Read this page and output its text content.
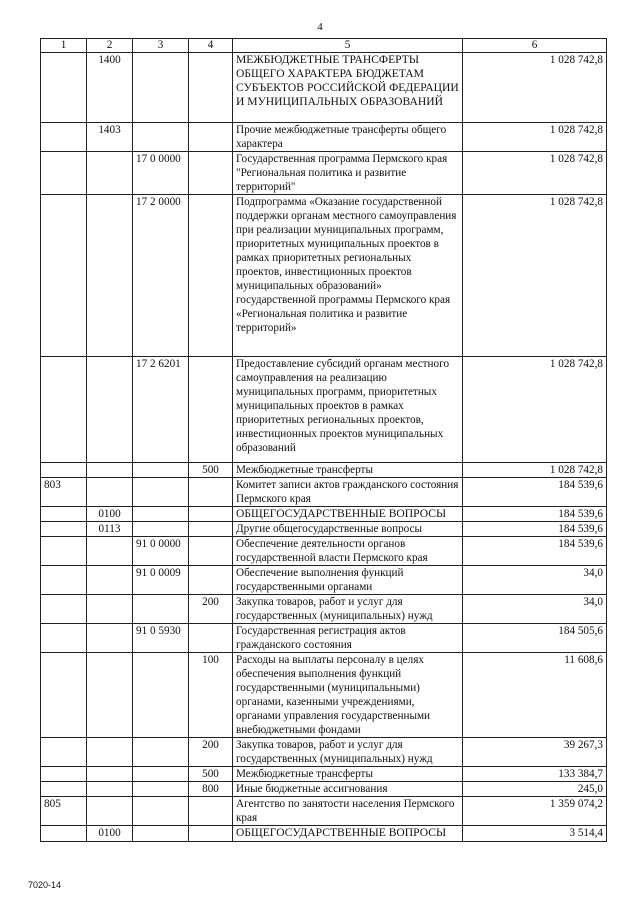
4
1	2	3	4	5	6
	1400			МЕЖБЮДЖЕТНЫЕ ТРАНСФЕРТЫ ОБЩЕГО ХАРАКТЕРА БЮДЖЕТАМ СУБЪЕКТОВ РОССИЙСКОЙ ФЕДЕРАЦИИ И МУНИЦИПАЛЬНЫХ ОБРАЗОВАНИЙ	1 028 742,8
	1403			Прочие межбюджетные трансферты общего характера	1 028 742,8
		17 0 0000		Государственная программа Пермского края "Региональная политика и развитие территорий"	1 028 742,8
		17 2 0000		Подпрограмма «Оказание государственной поддержки органам местного самоуправления при реализации муниципальных программ, приоритетных муниципальных проектов в рамках приоритетных региональных проектов, инвестиционных проектов муниципальных образований» государственной программы Пермского края «Региональная политика и развитие территорий»	1 028 742,8
		17 2 6201		Предоставление субсидий органам местного самоуправления на реализацию муниципальных программ, приоритетных муниципальных проектов в рамках приоритетных региональных проектов, инвестиционных проектов муниципальных образований	1 028 742,8
			500	Межбюджетные трансферты	1 028 742,8
803				Комитет записи актов гражданского состояния Пермского края	184 539,6
	0100			ОБЩЕГОСУДАРСТВЕННЫЕ ВОПРОСЫ	184 539,6
	0113			Другие общегосударственные вопросы	184 539,6
		91 0 0000		Обеспечение деятельности органов государственной власти Пермского края	184 539,6
		91 0 0009		Обеспечение выполнения функций государственными органами	34,0
			200	Закупка товаров, работ и услуг для государственных (муниципальных) нужд	34,0
		91 0 5930		Государственная регистрация актов гражданского состояния	184 505,6
			100	Расходы на выплаты персоналу в целях обеспечения выполнения функций государственными (муниципальными) органами, казенными учреждениями, органами управления государственными внебюджетными фондами	11 608,6
			200	Закупка товаров, работ и услуг для государственных (муниципальных) нужд	39 267,3
			500	Межбюджетные трансферты	133 384,7
			800	Иные бюджетные ассигнования	245,0
805				Агентство по занятости населения Пермского края	1 359 074,2
	0100			ОБЩЕГОСУДАРСТВЕННЫЕ ВОПРОСЫ	3 514,4
7020-14
